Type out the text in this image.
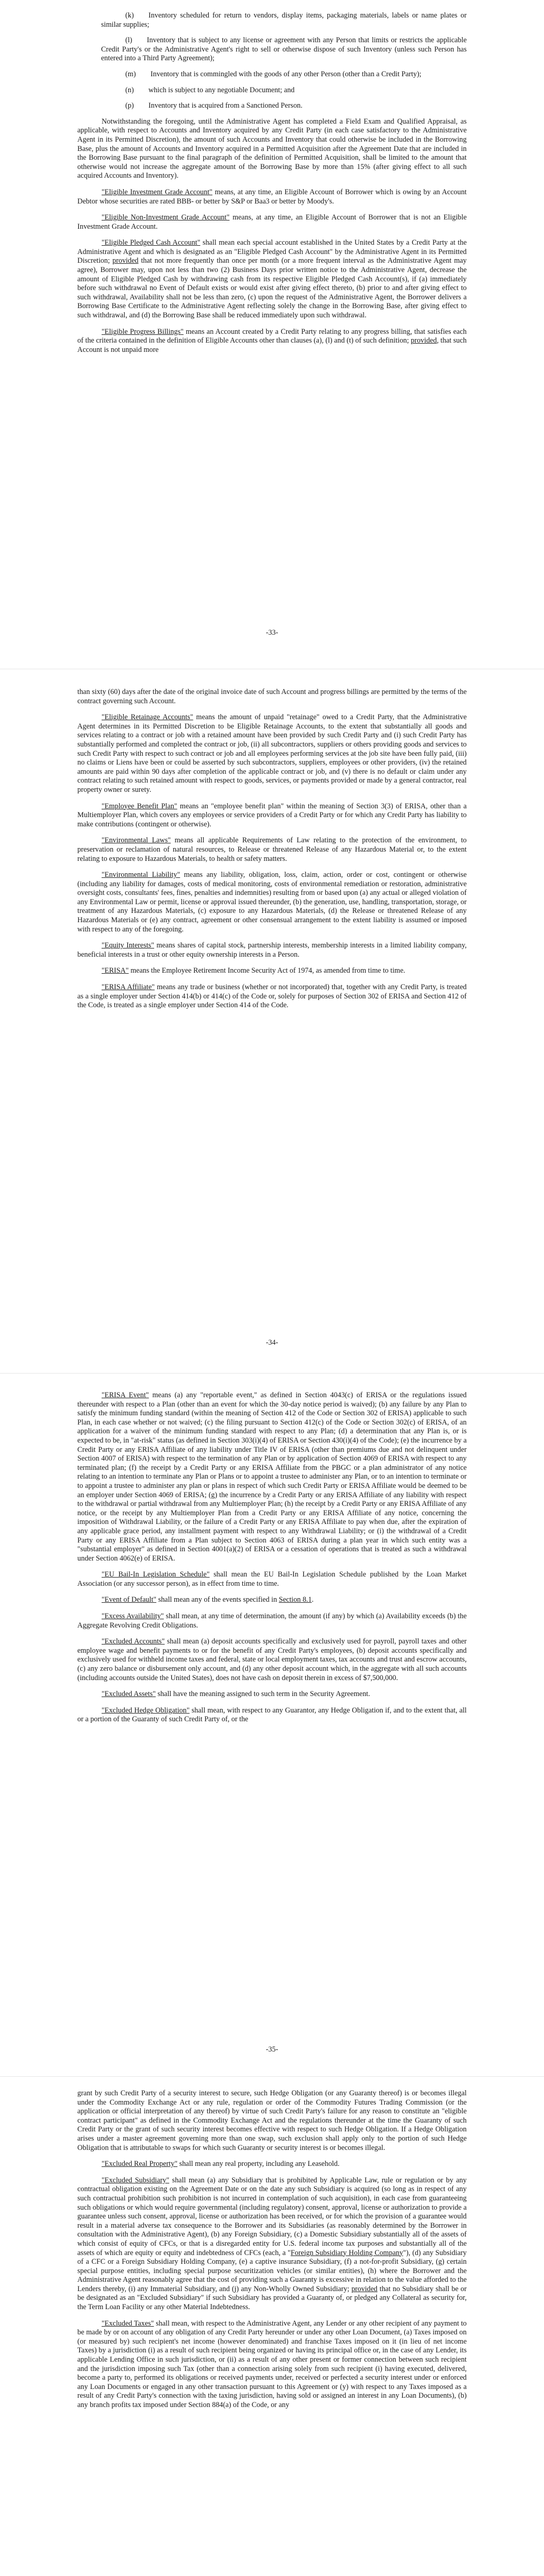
(k)   Inventory scheduled for return to vendors, display items, packaging materials, labels or name plates or similar supplies;

(l)   Inventory that is subject to any license or agreement with any Person that limits or restricts the applicable Credit Party's or the Administrative Agent's right to sell or otherwise dispose of such Inventory (unless such Person has entered into a Third Party Agreement);

(m)   Inventory that is commingled with the goods of any other Person (other than a Credit Party);

(n)   which is subject to any negotiable Document; and

(p)   Inventory that is acquired from a Sanctioned Person.

Notwithstanding the foregoing, until the Administrative Agent has completed a Field Exam and Qualified Appraisal, as applicable, with respect to Accounts and Inventory acquired by any Credit Party (in each case satisfactory to the Administrative Agent in its Permitted Discretion), the amount of such Accounts and Inventory that could otherwise be included in the Borrowing Base, plus the amount of Accounts and Inventory acquired in a Permitted Acquisition after the Agreement Date that are included in the Borrowing Base pursuant to the final paragraph of the definition of Permitted Acquisition, shall be limited to the amount that otherwise would not increase the aggregate amount of the Borrowing Base by more than 15% (after giving effect to all such acquired Accounts and Inventory).

"Eligible Investment Grade Account" means, at any time, an Eligible Account of Borrower which is owing by an Account Debtor whose securities are rated BBB- or better by S&P or Baa3 or better by Moody's.

"Eligible Non-Investment Grade Account" means, at any time, an Eligible Account of Borrower that is not an Eligible Investment Grade Account.

"Eligible Pledged Cash Account" shall mean each special account established in the United States by a Credit Party at the Administrative Agent and which is designated as an "Eligible Pledged Cash Account" by the Administrative Agent in its Permitted Discretion; provided that not more frequently than once per month (or a more frequent interval as the Administrative Agent may agree), Borrower may, upon not less than two (2) Business Days prior written notice to the Administrative Agent, decrease the amount of Eligible Pledged Cash by withdrawing cash from its respective Eligible Pledged Cash Account(s), if (a) immediately before such withdrawal no Event of Default exists or would exist after giving effect thereto, (b) prior to and after giving effect to such withdrawal, Availability shall not be less than zero, (c) upon the request of the Administrative Agent, the Borrower delivers a Borrowing Base Certificate to the Administrative Agent reflecting solely the change in the Borrowing Base, after giving effect to such withdrawal, and (d) the Borrowing Base shall be reduced immediately upon such withdrawal.

"Eligible Progress Billings" means an Account created by a Credit Party relating to any progress billing, that satisfies each of the criteria contained in the definition of Eligible Accounts other than clauses (a), (l) and (t) of such definition; provided, that such Account is not unpaid more

-33-

than sixty (60) days after the date of the original invoice date of such Account and progress billings are permitted by the terms of the contract governing such Account.

"Eligible Retainage Accounts" means the amount of unpaid "retainage" owed to a Credit Party, that the Administrative Agent determines in its Permitted Discretion to be Eligible Retainage Accounts, to the extent that substantially all goods and services relating to a contract or job with a retained amount have been provided by such Credit Party and (i) such Credit Party has substantially performed and completed the contract or job, (ii) all subcontractors, suppliers or others providing goods and services to such Credit Party with respect to such contract or job and all employees performing services at the job site have been fully paid, (iii) no claims or Liens have been or could be asserted by such subcontractors, suppliers, employees or other providers, (iv) the retained amounts are paid within 90 days after completion of the applicable contract or job, and (v) there is no default or claim under any contract relating to such retained amount with respect to goods, services, or payments provided or made by a general contractor, real property owner or surety.

"Employee Benefit Plan" means an "employee benefit plan" within the meaning of Section 3(3) of ERISA, other than a Multiemployer Plan, which covers any employees or service providers of a Credit Party or for which any Credit Party has liability to make contributions (contingent or otherwise).

"Environmental Laws" means all applicable Requirements of Law relating to the protection of the environment, to preservation or reclamation of natural resources, to Release or threatened Release of any Hazardous Material or, to the extent relating to exposure to Hazardous Materials, to health or safety matters.

"Environmental Liability" means any liability, obligation, loss, claim, action, order or cost, contingent or otherwise (including any liability for damages, costs of medical monitoring, costs of environmental remediation or restoration, administrative oversight costs, consultants' fees, fines, penalties and indemnities) resulting from or based upon (a) any actual or alleged violation of any Environmental Law or permit, license or approval issued thereunder, (b) the generation, use, handling, transportation, storage, or treatment of any Hazardous Materials, (c) exposure to any Hazardous Materials, (d) the Release or threatened Release of any Hazardous Materials or (e) any contract, agreement or other consensual arrangement to the extent liability is assumed or imposed with respect to any of the foregoing.

"Equity Interests" means shares of capital stock, partnership interests, membership interests in a limited liability company, beneficial interests in a trust or other equity ownership interests in a Person.

"ERISA" means the Employee Retirement Income Security Act of 1974, as amended from time to time.

"ERISA Affiliate" means any trade or business (whether or not incorporated) that, together with any Credit Party, is treated as a single employer under Section 414(b) or 414(c) of the Code or, solely for purposes of Section 302 of ERISA and Section 412 of the Code, is treated as a single employer under Section 414 of the Code.

-34-

"ERISA Event" means (a) any "reportable event," as defined in Section 4043(c) of ERISA or the regulations issued thereunder with respect to a Plan (other than an event for which the 30-day notice period is waived); (b) any failure by any Plan to satisfy the minimum funding standard (within the meaning of Section 412 of the Code or Section 302 of ERISA) applicable to such Plan, in each case whether or not waived; (c) the filing pursuant to Section 412(c) of the Code or Section 302(c) of ERISA, of an application for a waiver of the minimum funding standard with respect to any Plan; (d) a determination that any Plan is, or is expected to be, in "at-risk" status (as defined in Section 303(i)(4) of ERISA or Section 430(i)(4) of the Code); (e) the incurrence by a Credit Party or any ERISA Affiliate of any liability under Title IV of ERISA (other than premiums due and not delinquent under Section 4007 of ERISA) with respect to the termination of any Plan or by application of Section 4069 of ERISA with respect to any terminated plan; (f) the receipt by a Credit Party or any ERISA Affiliate from the PBGC or a plan administrator of any notice relating to an intention to terminate any Plan or Plans or to appoint a trustee to administer any Plan, or to an intention to terminate or to appoint a trustee to administer any plan or plans in respect of which such Credit Party or ERISA Affiliate would be deemed to be an employer under Section 4069 of ERISA; (g) the incurrence by a Credit Party or any ERISA Affiliate of any liability with respect to the withdrawal or partial withdrawal from any Multiemployer Plan; (h) the receipt by a Credit Party or any ERISA Affiliate of any notice, or the receipt by any Multiemployer Plan from a Credit Party or any ERISA Affiliate of any notice, concerning the imposition of Withdrawal Liability, or the failure of a Credit Party or any ERISA Affiliate to pay when due, after the expiration of any applicable grace period, any installment payment with respect to any Withdrawal Liability; or (i) the withdrawal of a Credit Party or any ERISA Affiliate from a Plan subject to Section 4063 of ERISA during a plan year in which such entity was a "substantial employer" as defined in Section 4001(a)(2) of ERISA or a cessation of operations that is treated as such a withdrawal under Section 4062(e) of ERISA.

"EU Bail-In Legislation Schedule" shall mean the EU Bail-In Legislation Schedule published by the Loan Market Association (or any successor person), as in effect from time to time.

"Event of Default" shall mean any of the events specified in Section 8.1.

"Excess Availability" shall mean, at any time of determination, the amount (if any) by which (a) Availability exceeds (b) the Aggregate Revolving Credit Obligations.

"Excluded Accounts" shall mean (a) deposit accounts specifically and exclusively used for payroll, payroll taxes and other employee wage and benefit payments to or for the benefit of any Credit Party's employees, (b) deposit accounts specifically and exclusively used for withheld income taxes and federal, state or local employment taxes, tax accounts and trust and escrow accounts, (c) any zero balance or disbursement only account, and (d) any other deposit account which, in the aggregate with all such accounts (including accounts outside the United States), does not have cash on deposit therein in excess of $7,500,000.

"Excluded Assets" shall have the meaning assigned to such term in the Security Agreement.

"Excluded Hedge Obligation" shall mean, with respect to any Guarantor, any Hedge Obligation if, and to the extent that, all or a portion of the Guaranty of such Credit Party of, or the

-35-

grant by such Credit Party of a security interest to secure, such Hedge Obligation (or any Guaranty thereof) is or becomes illegal under the Commodity Exchange Act or any rule, regulation or order of the Commodity Futures Trading Commission (or the application or official interpretation of any thereof) by virtue of such Credit Party's failure for any reason to constitute an "eligible contract participant" as defined in the Commodity Exchange Act and the regulations thereunder at the time the Guaranty of such Credit Party or the grant of such security interest becomes effective with respect to such Hedge Obligation. If a Hedge Obligation arises under a master agreement governing more than one swap, such exclusion shall apply only to the portion of such Hedge Obligation that is attributable to swaps for which such Guaranty or security interest is or becomes illegal.

"Excluded Real Property" shall mean any real property, including any Leasehold.

"Excluded Subsidiary" shall mean (a) any Subsidiary that is prohibited by Applicable Law, rule or regulation or by any contractual obligation existing on the Agreement Date or on the date any such Subsidiary is acquired (so long as in respect of any such contractual prohibition such prohibition is not incurred in contemplation of such acquisition), in each case from guaranteeing such obligations or which would require governmental (including regulatory) consent, approval, license or authorization to provide a guarantee unless such consent, approval, license or authorization has been received, or for which the provision of a guarantee would result in a material adverse tax consequence to the Borrower and its Subsidiaries (as reasonably determined by the Borrower in consultation with the Administrative Agent), (b) any Foreign Subsidiary, (c) a Domestic Subsidiary substantially all of the assets of which consist of equity of CFCs, or that is a disregarded entity for U.S. federal income tax purposes and substantially all of the assets of which are equity or equity and indebtedness of CFCs (each, a "Foreign Subsidiary Holding Company"), (d) any Subsidiary of a CFC or a Foreign Subsidiary Holding Company, (e) a captive insurance Subsidiary, (f) a not-for-profit Subsidiary, (g) certain special purpose entities, including special purpose securitization vehicles (or similar entities), (h) where the Borrower and the Administrative Agent reasonably agree that the cost of providing such a Guaranty is excessive in relation to the value afforded to the Lenders thereby, (i) any Immaterial Subsidiary, and (j) any Non-Wholly Owned Subsidiary; provided that no Subsidiary shall be or be designated as an "Excluded Subsidiary" if such Subsidiary has provided a Guaranty of, or pledged any Collateral as security for, the Term Loan Facility or any other Material Indebtedness.

"Excluded Taxes" shall mean, with respect to the Administrative Agent, any Lender or any other recipient of any payment to be made by or on account of any obligation of any Credit Party hereunder or under any other Loan Document, (a) Taxes imposed on (or measured by) such recipient's net income (however denominated) and franchise Taxes imposed on it (in lieu of net income Taxes) by a jurisdiction (i) as a result of such recipient being organized or having its principal office or, in the case of any Lender, its applicable Lending Office in such jurisdiction, or (ii) as a result of any other present or former connection between such recipient and the jurisdiction imposing such Tax (other than a connection arising solely from such recipient (i) having executed, delivered, become a party to, performed its obligations or received payments under, received or perfected a security interest under or enforced any Loan Documents or engaged in any other transaction pursuant to this Agreement or (y) with respect to any Taxes imposed as a result of any Credit Party's connection with the taxing jurisdiction, having sold or assigned an interest in any Loan Documents), (b) any branch profits tax imposed under Section 884(a) of the Code, or any
